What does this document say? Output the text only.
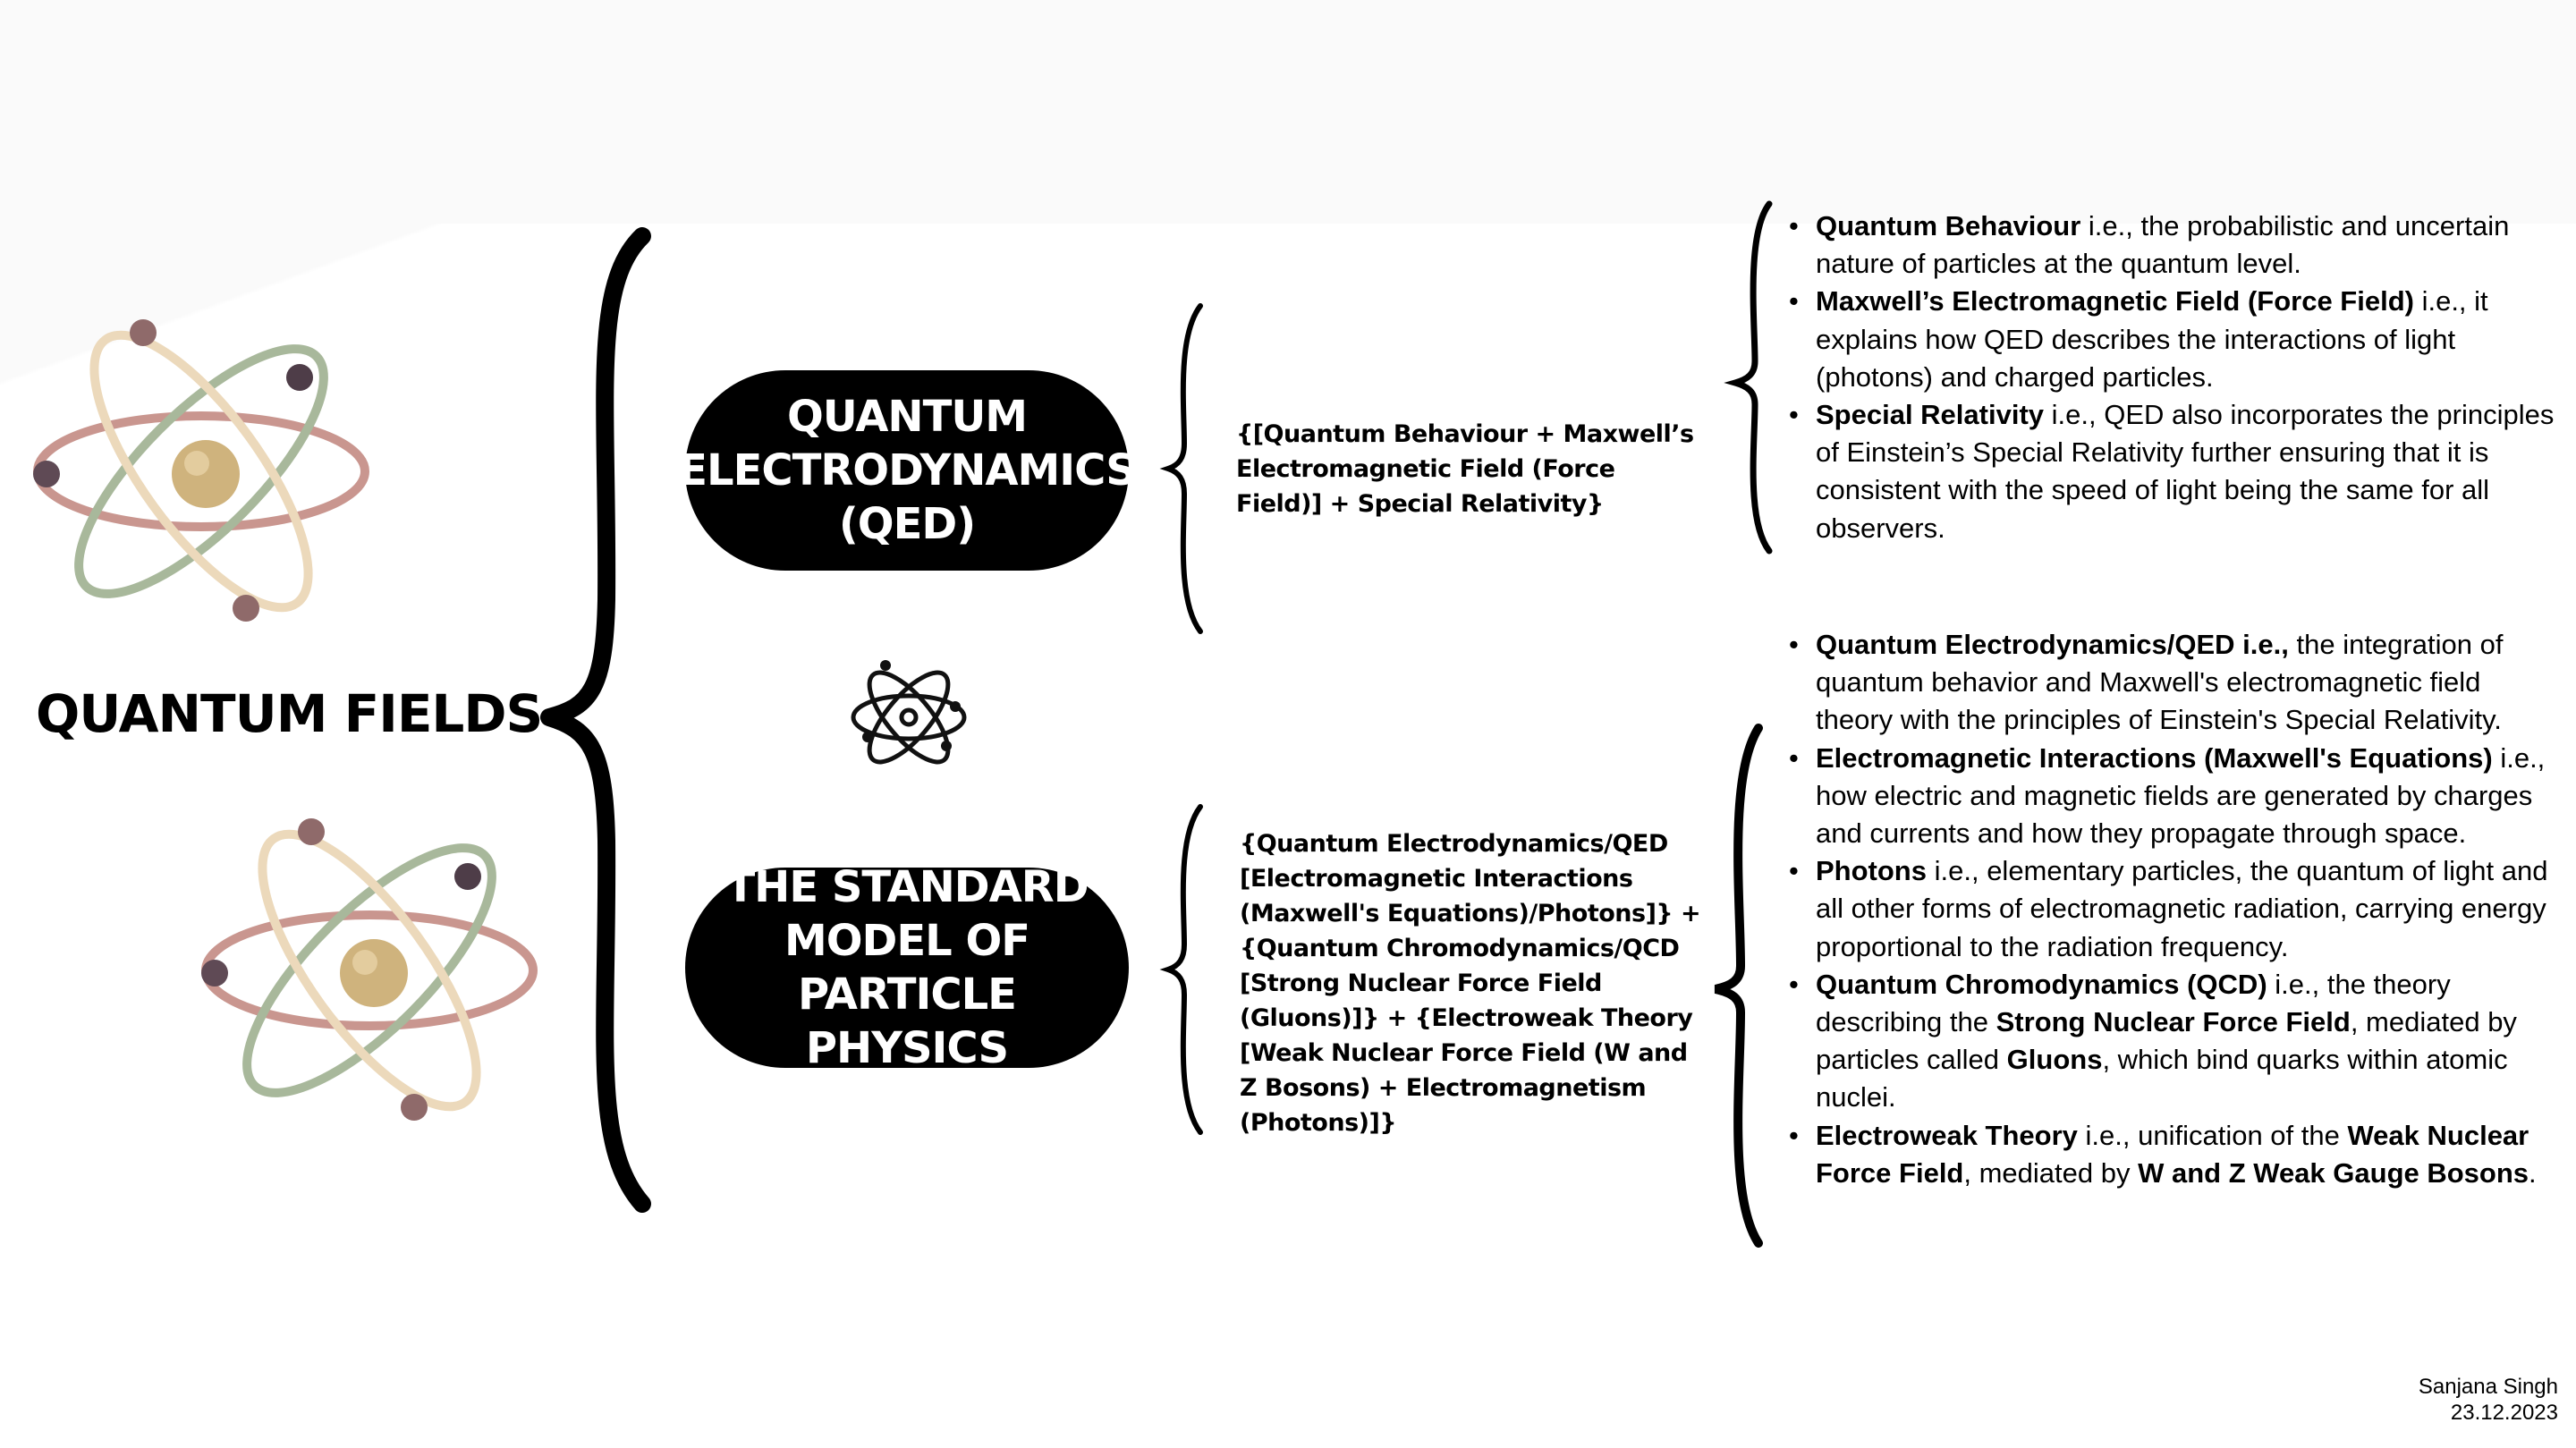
QUANTUM FIELDS
QUANTUM
ELECTRODYNAMICS
(QED)
THE STANDARD
MODEL OF PARTICLE
PHYSICS
{[Quantum Behaviour + Maxwell’s Electromagnetic Field (Force Field)] + Special Relativity}
{Quantum Electrodynamics/QED [Electromagnetic Interactions (Maxwell's Equations)/Photons]} + {Quantum Chromodynamics/QCD [Strong Nuclear Force Field (Gluons)]} + {Electroweak Theory [Weak Nuclear Force Field (W and Z Bosons) + Electromagnetism (Photons)]}
• Quantum Behaviour i.e., the probabilistic and uncertain nature of particles at the quantum level.
• Maxwell’s Electromagnetic Field (Force Field) i.e., it explains how QED describes the interactions of light (photons) and charged particles.
• Special Relativity i.e., QED also incorporates the principles of Einstein’s Special Relativity further ensuring that it is consistent with the speed of light being the same for all observers.
• Quantum Electrodynamics/QED i.e., the integration of quantum behavior and Maxwell's electromagnetic field theory with the principles of Einstein's Special Relativity.
• Electromagnetic Interactions (Maxwell's Equations) i.e., how electric and magnetic fields are generated by charges and currents and how they propagate through space.
• Photons i.e., elementary particles, the quantum of light and all other forms of electromagnetic radiation, carrying energy proportional to the radiation frequency.
• Quantum Chromodynamics (QCD) i.e., the theory describing the Strong Nuclear Force Field, mediated by particles called Gluons, which bind quarks within atomic nuclei.
• Electroweak Theory i.e., unification of the Weak Nuclear Force Field, mediated by W and Z Weak Gauge Bosons.
Sanjana Singh
23.12.2023
